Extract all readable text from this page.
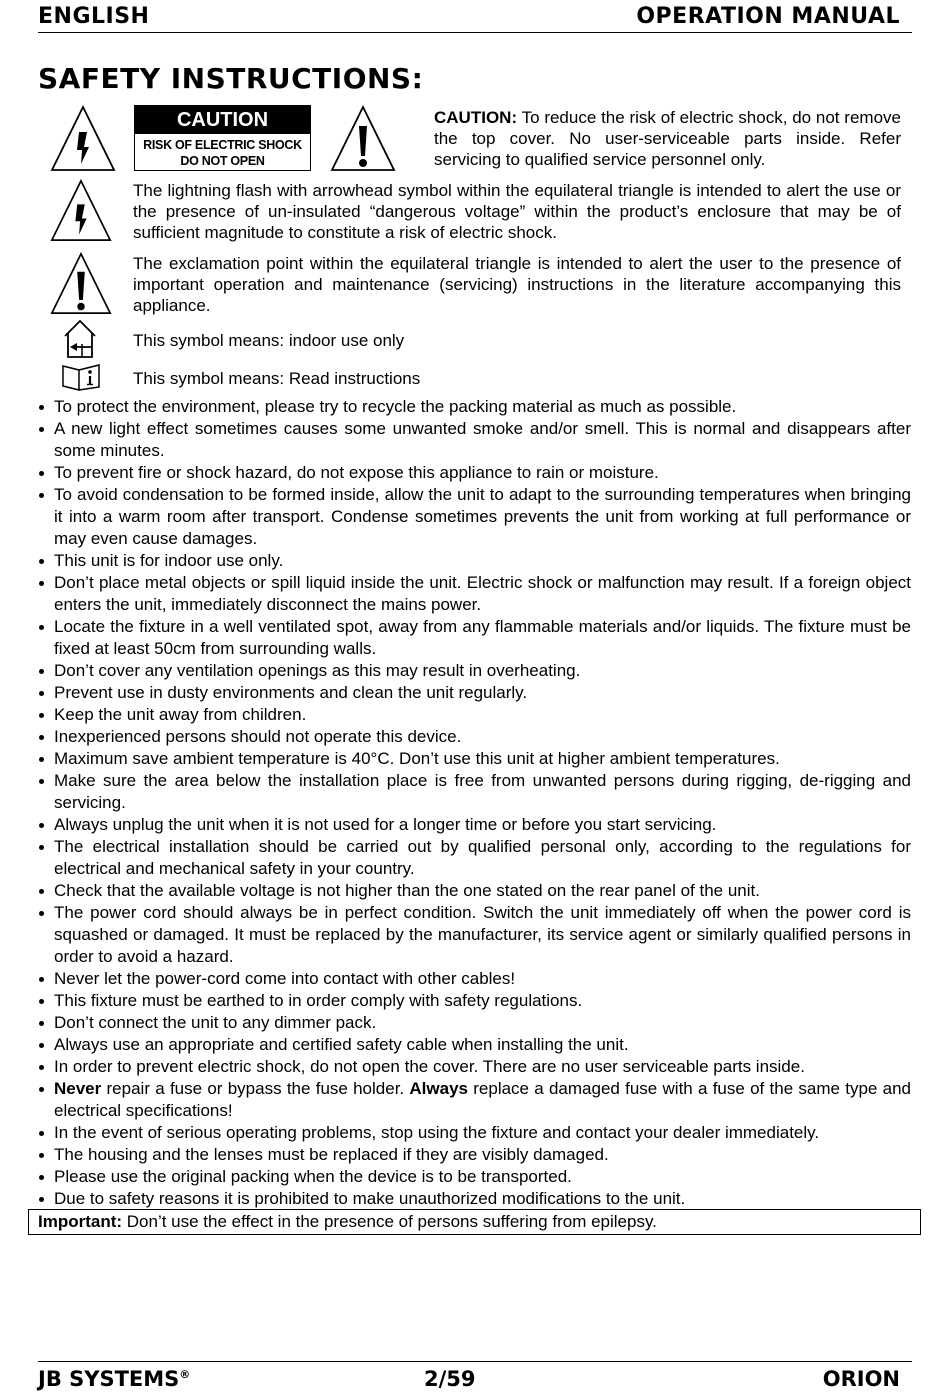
ENGLISH	OPERATION MANUAL
SAFETY INSTRUCTIONS:
CAUTION
RISK OF ELECTRIC SHOCK
DO NOT OPEN

CAUTION: To reduce the risk of electric shock, do not remove the top cover. No user-serviceable parts inside. Refer servicing to qualified service personnel only.

The lightning flash with arrowhead symbol within the equilateral triangle is intended to alert the use or the presence of un-insulated “dangerous voltage” within the product’s enclosure that may be of sufficient magnitude to constitute a risk of electric shock.

The exclamation point within the equilateral triangle is intended to alert the user to the presence of important operation and maintenance (servicing) instructions in the literature accompanying this appliance.

This symbol means: indoor use only

This symbol means: Read instructions

To protect the environment, please try to recycle the packing material as much as possible.
A new light effect sometimes causes some unwanted smoke and/or smell. This is normal and disappears after some minutes.
To prevent fire or shock hazard, do not expose this appliance to rain or moisture.
To avoid condensation to be formed inside, allow the unit to adapt to the surrounding temperatures when bringing it into a warm room after transport. Condense sometimes prevents the unit from working at full performance or may even cause damages.
This unit is for indoor use only.
Don’t place metal objects or spill liquid inside the unit. Electric shock or malfunction may result. If a foreign object enters the unit, immediately disconnect the mains power.
Locate the fixture in a well ventilated spot, away from any flammable materials and/or liquids. The fixture must be fixed at least 50cm from surrounding walls.
Don’t cover any ventilation openings as this may result in overheating.
Prevent use in dusty environments and clean the unit regularly.
Keep the unit away from children.
Inexperienced persons should not operate this device.
Maximum save ambient temperature is 40°C. Don’t use this unit at higher ambient temperatures.
Make sure the area below the installation place is free from unwanted persons during rigging, de-rigging and servicing.
Always unplug the unit when it is not used for a longer time or before you start servicing.
The electrical installation should be carried out by qualified personal only, according to the regulations for electrical and mechanical safety in your country.
Check that the available voltage is not higher than the one stated on the rear panel of the unit.
The power cord should always be in perfect condition. Switch the unit immediately off when the power cord is squashed or damaged. It must be replaced by the manufacturer, its service agent or similarly qualified persons in order to avoid a hazard.
Never let the power-cord come into contact with other cables!
This fixture must be earthed to in order comply with safety regulations.
Don’t connect the unit to any dimmer pack.
Always use an appropriate and certified safety cable when installing the unit.
In order to prevent electric shock, do not open the cover. There are no user serviceable parts inside.
Never repair a fuse or bypass the fuse holder. Always replace a damaged fuse with a fuse of the same type and electrical specifications!
In the event of serious operating problems, stop using the fixture and contact your dealer immediately.
The housing and the lenses must be replaced if they are visibly damaged.
Please use the original packing when the device is to be transported.
Due to safety reasons it is prohibited to make unauthorized modifications to the unit.
Important: Don’t use the effect in the presence of persons suffering from epilepsy.
JB SYSTEMS®	2/59	ORION
